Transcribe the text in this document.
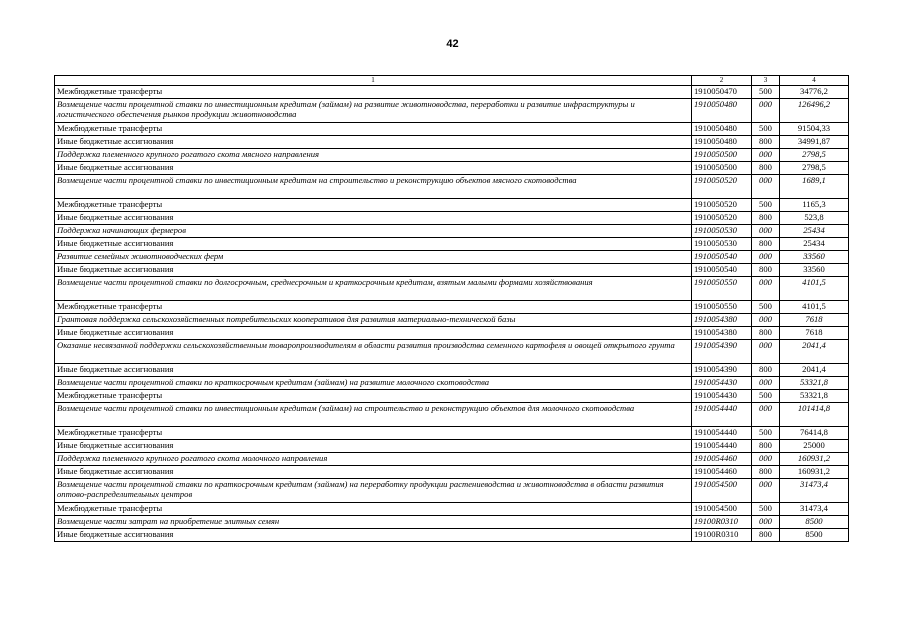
42
1	2	3	4
Межбюджетные трансферты	1910050470	500	34776,2
Возмещение части процентной ставки по инвестиционным кредитам (займам) на развитие животноводства, переработки и развитие инфраструктуры и логистического обеспечения рынков продукции животноводства	1910050480	000	126496,2
Межбюджетные трансферты	1910050480	500	91504,33
Иные бюджетные ассигнования	1910050480	800	34991,87
Поддержка племенного крупного рогатого скота мясного направления	1910050500	000	2798,5
Иные бюджетные ассигнования	1910050500	800	2798,5
Возмещение части процентной ставки по инвестиционным кредитам на строительство и реконструкцию объектов мясного скотоводства	1910050520	000	1689,1
Межбюджетные трансферты	1910050520	500	1165,3
Иные бюджетные ассигнования	1910050520	800	523,8
Поддержка начинающих фермеров	1910050530	000	25434
Иные бюджетные ассигнования	1910050530	800	25434
Развитие семейных животноводческих ферм	1910050540	000	33560
Иные бюджетные ассигнования	1910050540	800	33560
Возмещение части процентной ставки по долгосрочным, среднесрочным и краткосрочным кредитам, взятым малыми формами хозяйствования	1910050550	000	4101,5
Межбюджетные трансферты	1910050550	500	4101,5
Грантовая поддержка сельскохозяйственных потребительских кооперативов для развития материально-технической базы	1910054380	000	7618
Иные бюджетные ассигнования	1910054380	800	7618
Оказание несвязанной поддержки сельскохозяйственным товаропроизводителям в области развития производства семенного картофеля и овощей открытого грунта	1910054390	000	2041,4
Иные бюджетные ассигнования	1910054390	800	2041,4
Возмещение части процентной ставки по краткосрочным кредитам (займам) на развитие молочного скотоводства	1910054430	000	53321,8
Межбюджетные трансферты	1910054430	500	53321,8
Возмещение части процентной ставки по инвестиционным кредитам (займам) на строительство и реконструкцию объектов для молочного скотоводства	1910054440	000	101414,8
Межбюджетные трансферты	1910054440	500	76414,8
Иные бюджетные ассигнования	1910054440	800	25000
Поддержка племенного крупного рогатого скота молочного направления	1910054460	000	160931,2
Иные бюджетные ассигнования	1910054460	800	160931,2
Возмещение части процентной ставки по краткосрочным кредитам (займам) на переработку продукции растениеводства и животноводства в области развития оптово-распределительных центров	1910054500	000	31473,4
Межбюджетные трансферты	1910054500	500	31473,4
Возмещение части затрат на приобретение элитных семян	19100R0310	000	8500
Иные бюджетные ассигнования	19100R0310	800	8500
